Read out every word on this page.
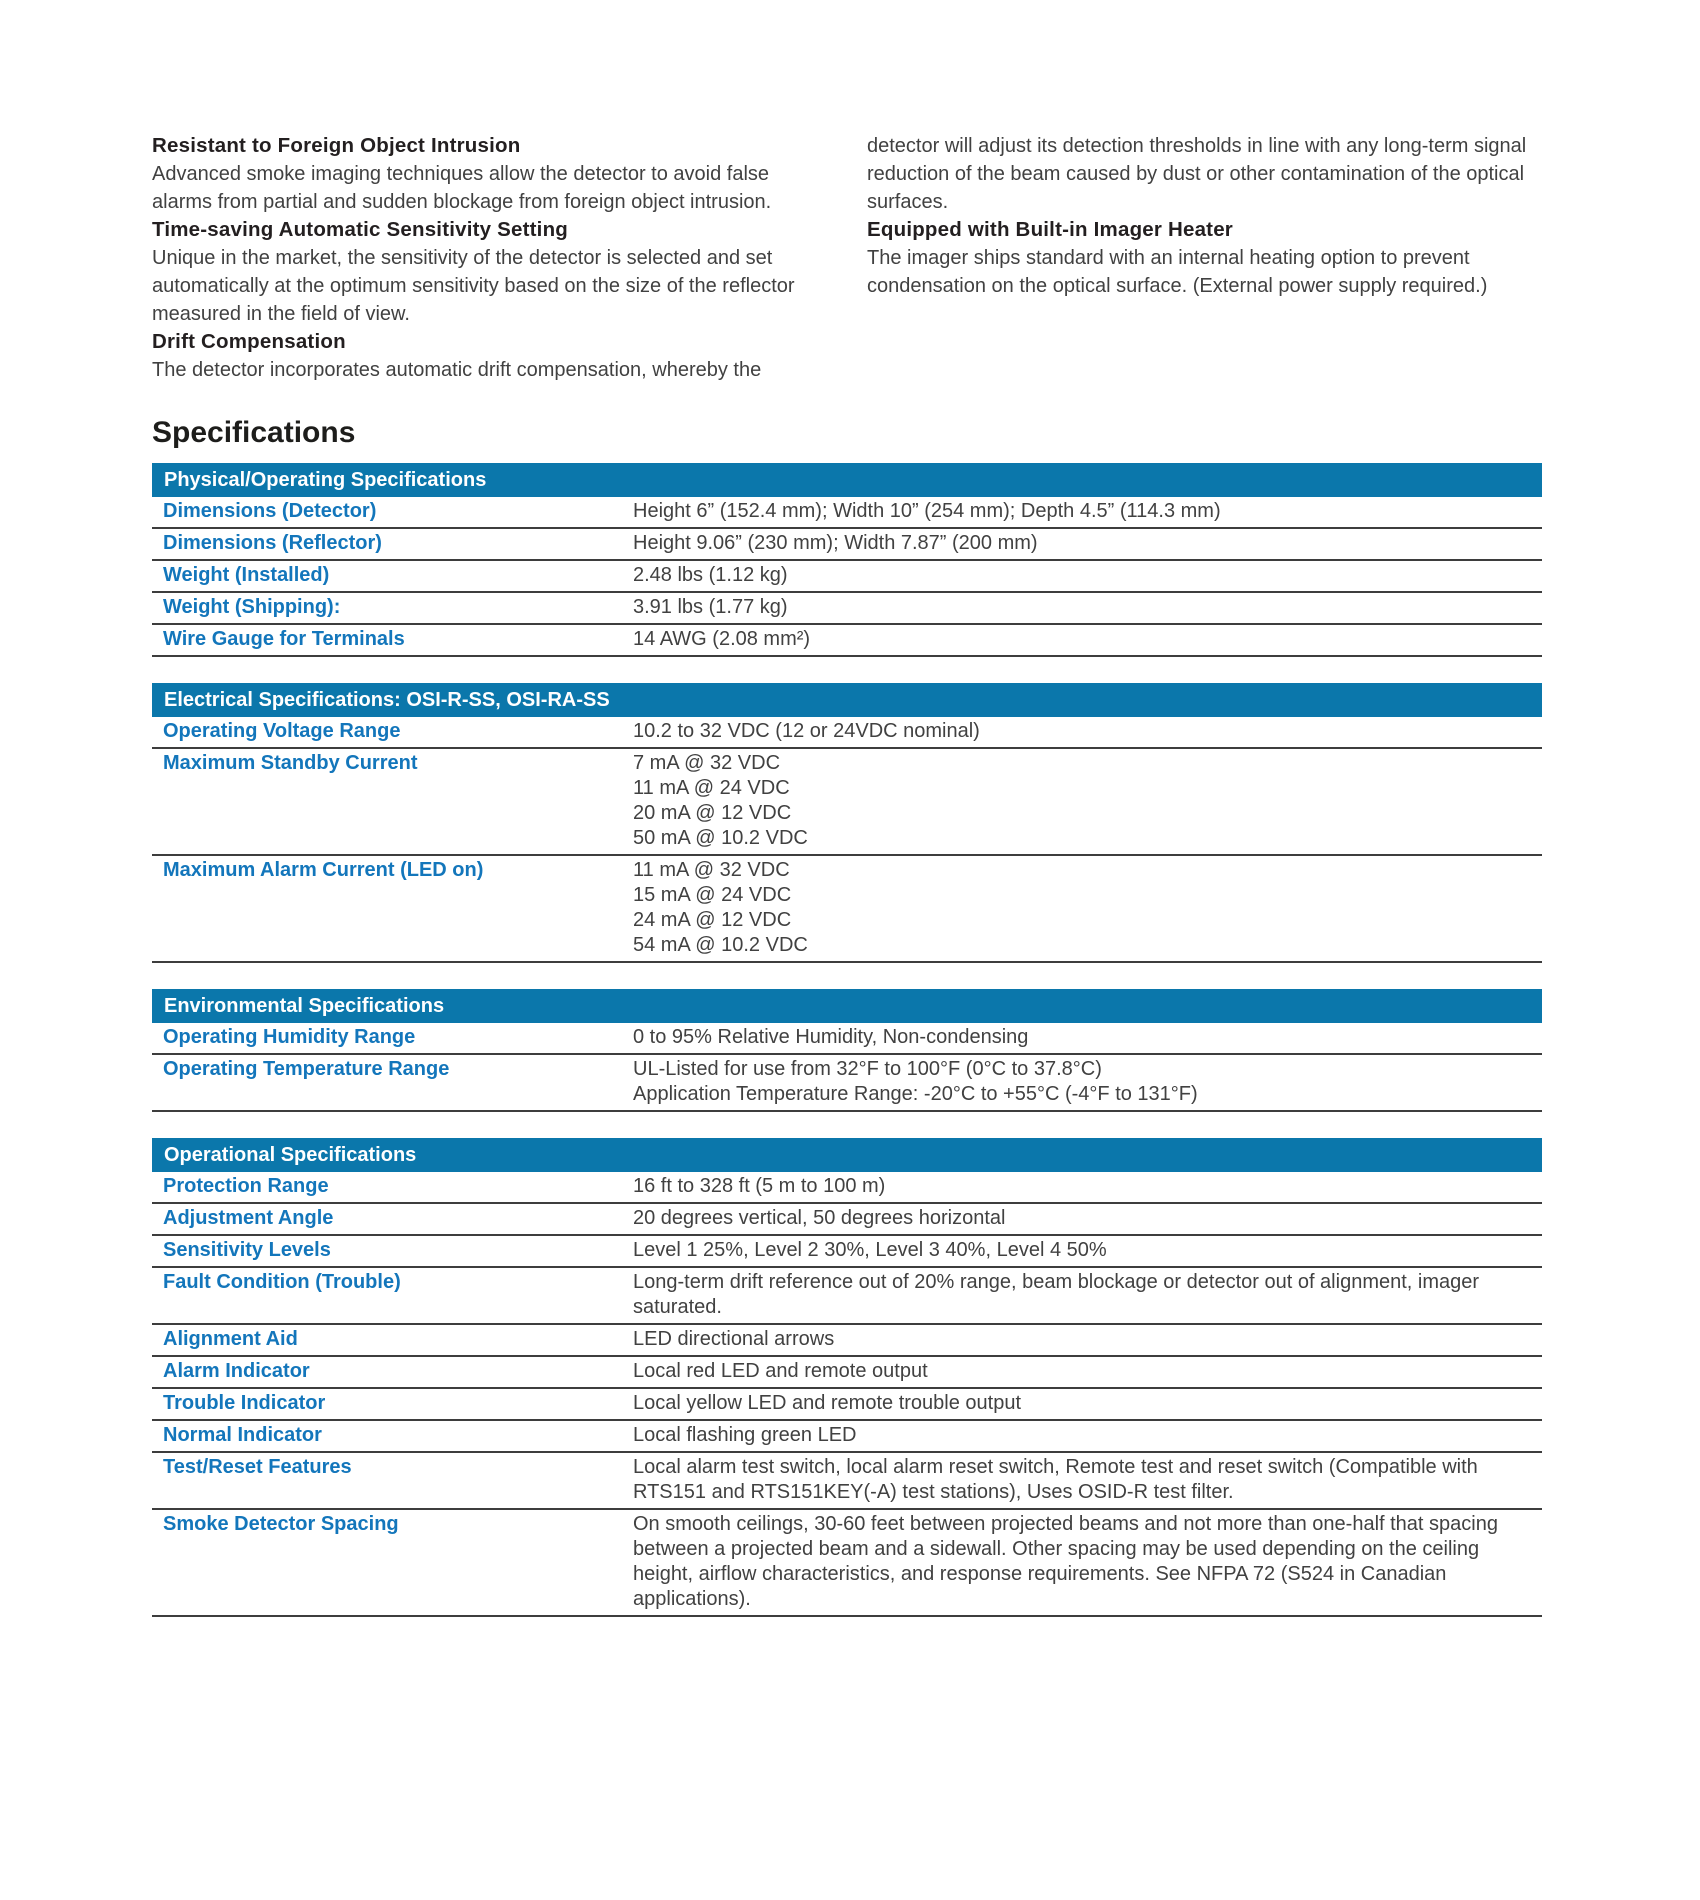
Resistant to Foreign Object Intrusion

Advanced smoke imaging techniques allow the detector to avoid false alarms from partial and sudden blockage from foreign object intrusion.

Time-saving Automatic Sensitivity Setting

Unique in the market, the sensitivity of the detector is selected and set automatically at the optimum sensitivity based on the size of the reflector measured in the field of view.

Drift Compensation

The detector incorporates automatic drift compensation, whereby the

detector will adjust its detection thresholds in line with any long-term signal reduction of the beam caused by dust or other contamination of the optical surfaces.

Equipped with Built-in Imager Heater

The imager ships standard with an internal heating option to prevent condensation on the optical surface. (External power supply required.)

Specifications
Physical/Operating Specifications
Dimensions (Detector)	Height 6” (152.4 mm); Width 10” (254 mm); Depth 4.5” (114.3 mm)
Dimensions (Reflector)	Height 9.06” (230 mm); Width 7.87” (200 mm)
Weight (Installed)	2.48 lbs (1.12 kg)
Weight (Shipping):	3.91 lbs (1.77 kg)
Wire Gauge for Terminals	14 AWG (2.08 mm²)
Electrical Specifications: OSI-R-SS, OSI-RA-SS
Operating Voltage Range	10.2 to 32 VDC (12 or 24VDC nominal)
Maximum Standby Current	7 mA @ 32 VDC
11 mA @ 24 VDC
20 mA @ 12 VDC
50 mA @ 10.2 VDC
Maximum Alarm Current (LED on)	11 mA @ 32 VDC
15 mA @ 24 VDC
24 mA @ 12 VDC
54 mA @ 10.2 VDC
Environmental Specifications
Operating Humidity Range	0 to 95% Relative Humidity, Non-condensing
Operating Temperature Range	UL-Listed for use from 32°F to 100°F (0°C to 37.8°C)
Application Temperature Range: -20°C to +55°C (-4°F to 131°F)
Operational Specifications
Protection Range	16 ft to 328 ft (5 m to 100 m)
Adjustment Angle	20 degrees vertical, 50 degrees horizontal
Sensitivity Levels	Level 1 25%, Level 2 30%, Level 3 40%, Level 4 50%
Fault Condition (Trouble)	Long-term drift reference out of 20% range, beam blockage or detector out of alignment, imager saturated.
Alignment Aid	LED directional arrows
Alarm Indicator	Local red LED and remote output
Trouble Indicator	Local yellow LED and remote trouble output
Normal Indicator	Local flashing green LED
Test/Reset Features	Local alarm test switch, local alarm reset switch, Remote test and reset switch (Compatible with RTS151 and RTS151KEY(-A) test stations), Uses OSID-R test filter.
Smoke Detector Spacing	On smooth ceilings, 30-60 feet between projected beams and not more than one-half that spacing between a projected beam and a sidewall. Other spacing may be used depending on the ceiling height, airflow characteristics, and response requirements. See NFPA 72 (S524 in Canadian applications).
